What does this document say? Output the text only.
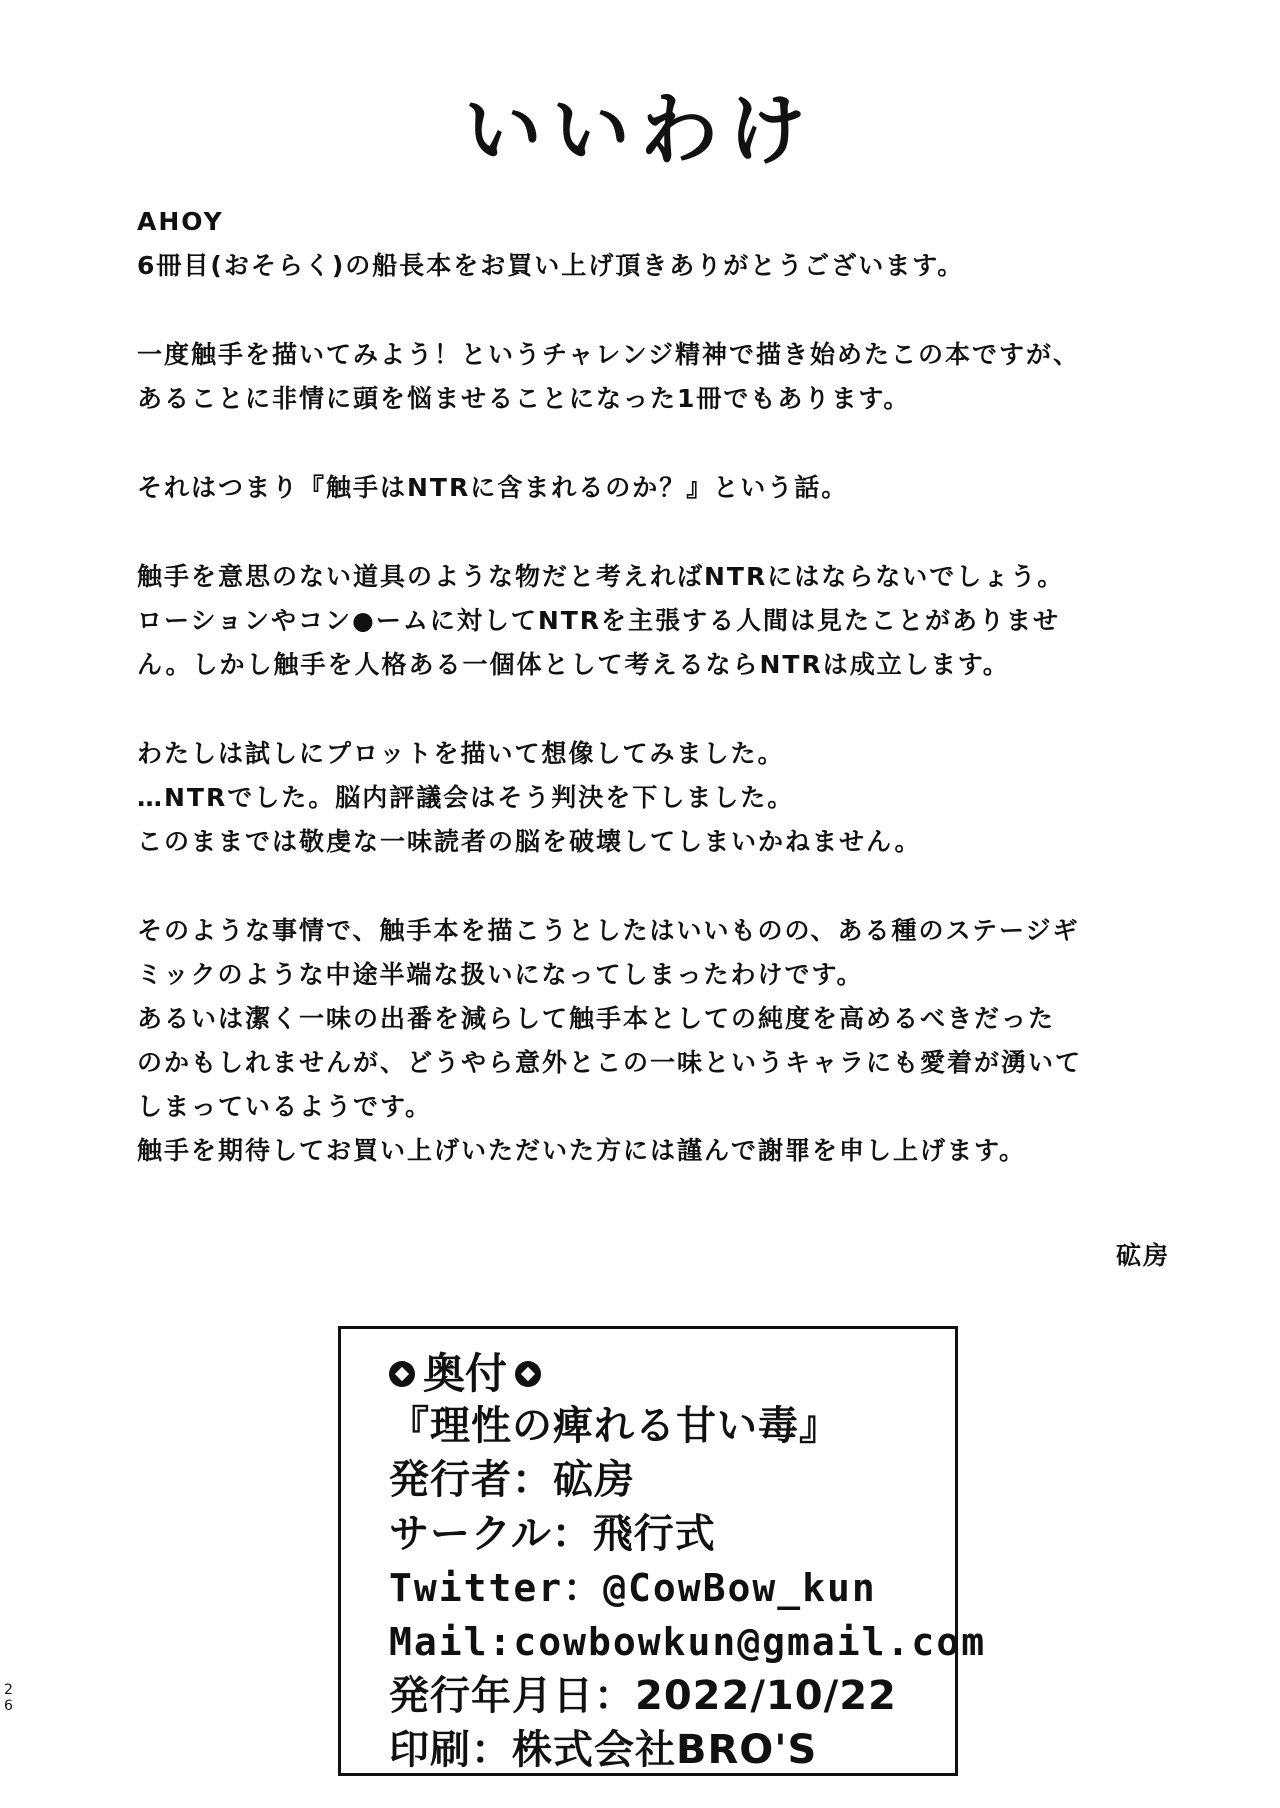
いいわけ
AHOY
6冊目(おそらく)の船長本をお買い上げ頂きありがとうございます。
一度触手を描いてみよう！というチャレンジ精神で描き始めたこの本ですが、
あることに非情に頭を悩ませることになった1冊でもあります。
それはつまり『触手はNTRに含まれるのか？』という話。
触手を意思のない道具のような物だと考えればNTRにはならないでしょう。
ローションやコン●ームに対してNTRを主張する人間は見たことがありませ
ん。しかし触手を人格ある一個体として考えるならNTRは成立します。
わたしは試しにプロットを描いて想像してみました。
…NTRでした。脳内評議会はそう判決を下しました。
このままでは敬虔な一味読者の脳を破壊してしまいかねません。
そのような事情で、触手本を描こうとしたはいいものの、ある種のステージギ
ミックのような中途半端な扱いになってしまったわけです。
あるいは潔く一味の出番を減らして触手本としての純度を高めるべきだった
のかもしれませんが、どうやら意外とこの一味というキャラにも愛着が湧いて
しまっているようです。
触手を期待してお買い上げいただいた方には謹んで謝罪を申し上げます。
砿房
奥付
『理性の痺れる甘い毒』
発行者：砿房
サークル：飛行式
Twitter：@CowBow_kun
Mail:cowbowkun@gmail.com
発行年月日：2022/10/22
印刷：株式会社BRO'S
26
